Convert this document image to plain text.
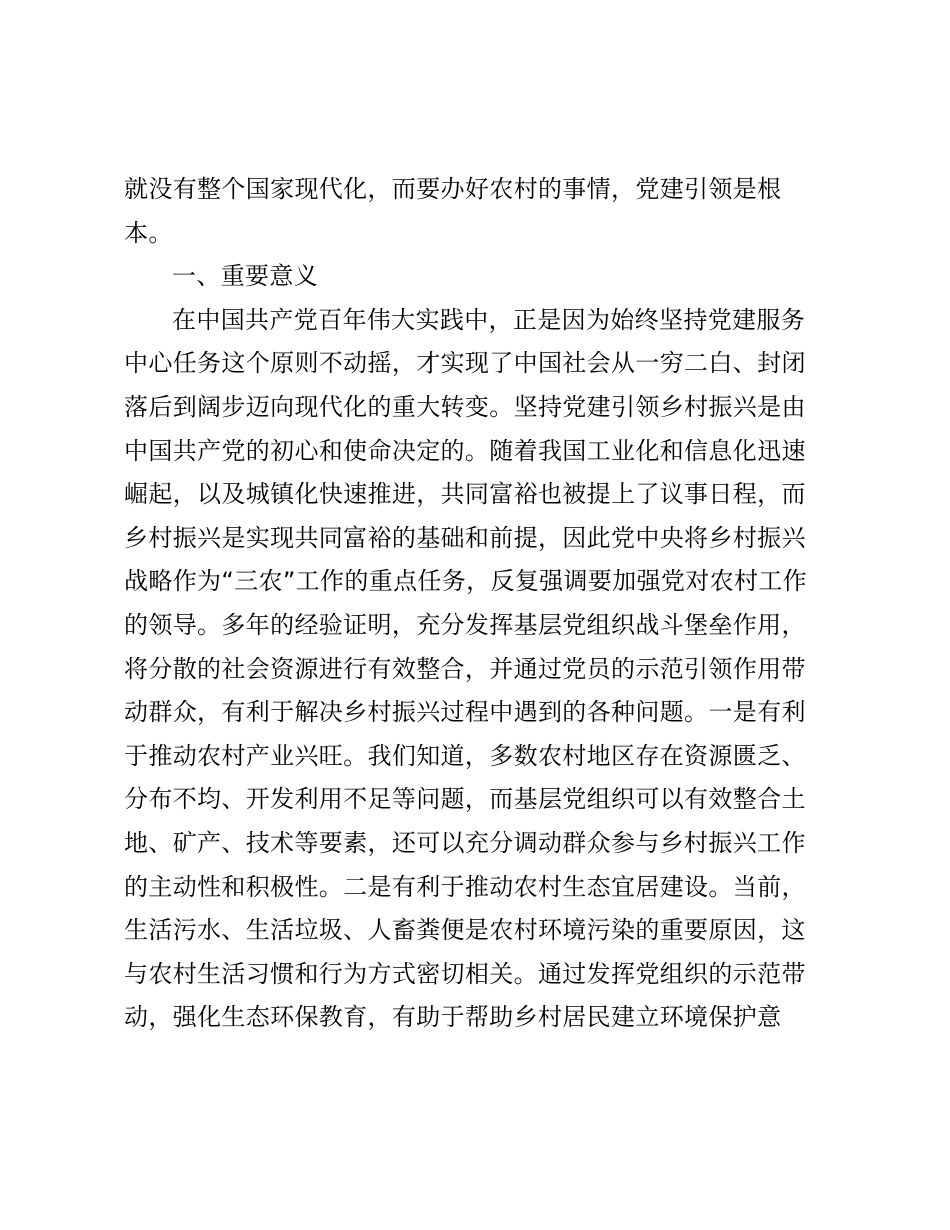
就没有整个国家现代化，而要办好农村的事情，党建引领是根
本。
一、重要意义
在中国共产党百年伟大实践中，正是因为始终坚持党建服务
中心任务这个原则不动摇，才实现了中国社会从一穷二白、封闭
落后到阔步迈向现代化的重大转变。坚持党建引领乡村振兴是由
中国共产党的初心和使命决定的。随着我国工业化和信息化迅速
崛起，以及城镇化快速推进，共同富裕也被提上了议事日程，而
乡村振兴是实现共同富裕的基础和前提，因此党中央将乡村振兴
战略作为“三农”工作的重点任务，反复强调要加强党对农村工作
的领导。多年的经验证明，充分发挥基层党组织战斗堡垒作用，
将分散的社会资源进行有效整合，并通过党员的示范引领作用带
动群众，有利于解决乡村振兴过程中遇到的各种问题。一是有利
于推动农村产业兴旺。我们知道，多数农村地区存在资源匮乏、
分布不均、开发利用不足等问题，而基层党组织可以有效整合土
地、矿产、技术等要素，还可以充分调动群众参与乡村振兴工作
的主动性和积极性。二是有利于推动农村生态宜居建设。当前，
生活污水、生活垃圾、人畜粪便是农村环境污染的重要原因，这
与农村生活习惯和行为方式密切相关。通过发挥党组织的示范带
动，强化生态环保教育，有助于帮助乡村居民建立环境保护意
